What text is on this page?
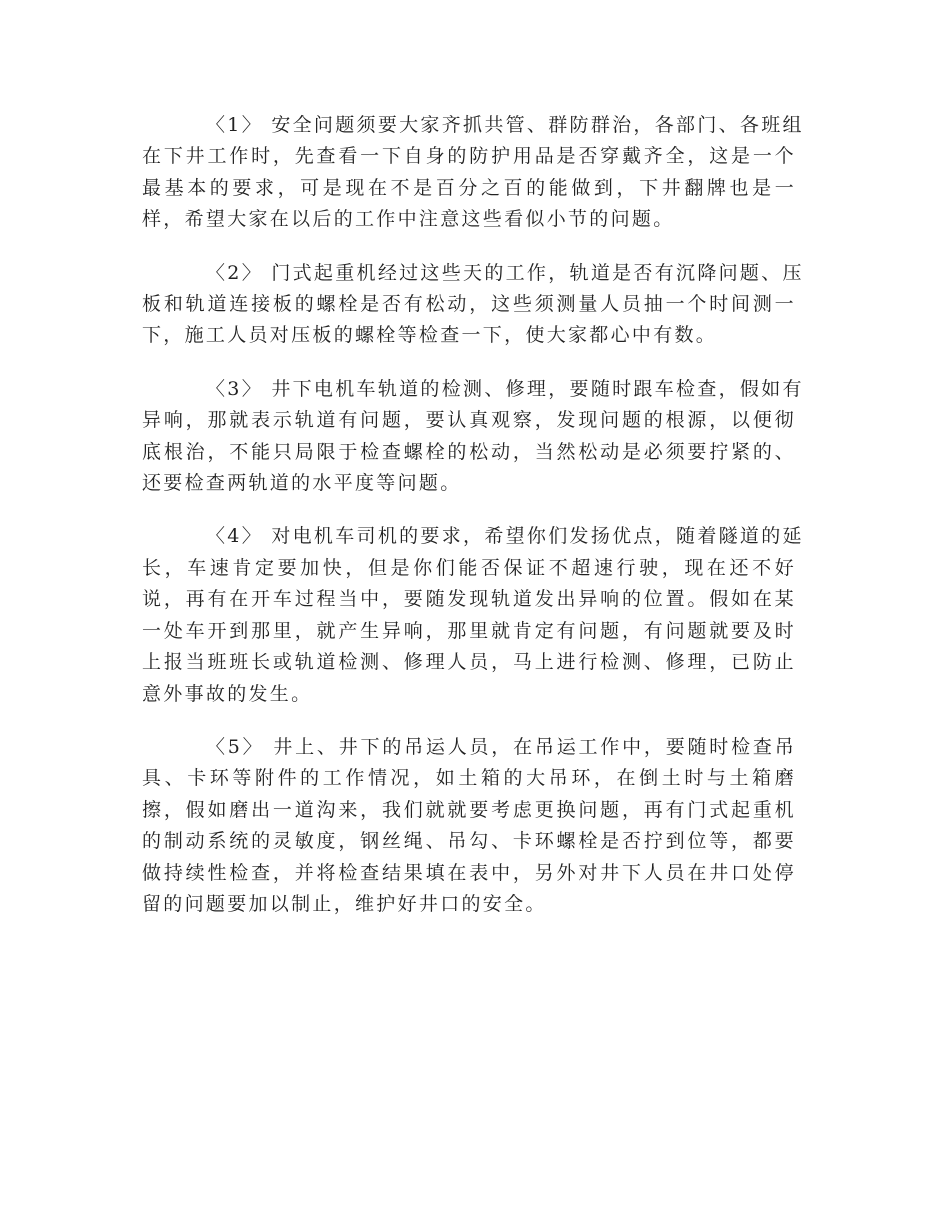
〈1〉 安全问题须要大家齐抓共管、群防群治，各部门、各班组
在下井工作时，先查看一下自身的防护用品是否穿戴齐全，这是一个
最基本的要求，可是现在不是百分之百的能做到，下井翻牌也是一
样，希望大家在以后的工作中注意这些看似小节的问题。
〈2〉 门式起重机经过这些天的工作，轨道是否有沉降问题、压
板和轨道连接板的螺栓是否有松动，这些须测量人员抽一个时间测一
下，施工人员对压板的螺栓等检查一下，使大家都心中有数。
〈3〉 井下电机车轨道的检测、修理，要随时跟车检查，假如有
异响，那就表示轨道有问题，要认真观察，发现问题的根源，以便彻
底根治，不能只局限于检查螺栓的松动，当然松动是必须要拧紧的、
还要检查两轨道的水平度等问题。
〈4〉 对电机车司机的要求，希望你们发扬优点，随着隧道的延
长，车速肯定要加快，但是你们能否保证不超速行驶，现在还不好
说，再有在开车过程当中，要随发现轨道发出异响的位置。假如在某
一处车开到那里，就产生异响，那里就肯定有问题，有问题就要及时
上报当班班长或轨道检测、修理人员，马上进行检测、修理，已防止
意外事故的发生。
〈5〉 井上、井下的吊运人员，在吊运工作中，要随时检查吊
具、卡环等附件的工作情况，如土箱的大吊环，在倒土时与土箱磨
擦，假如磨出一道沟来，我们就就要考虑更换问题，再有门式起重机
的制动系统的灵敏度，钢丝绳、吊勾、卡环螺栓是否拧到位等，都要
做持续性检查，并将检查结果填在表中，另外对井下人员在井口处停
留的问题要加以制止，维护好井口的安全。
